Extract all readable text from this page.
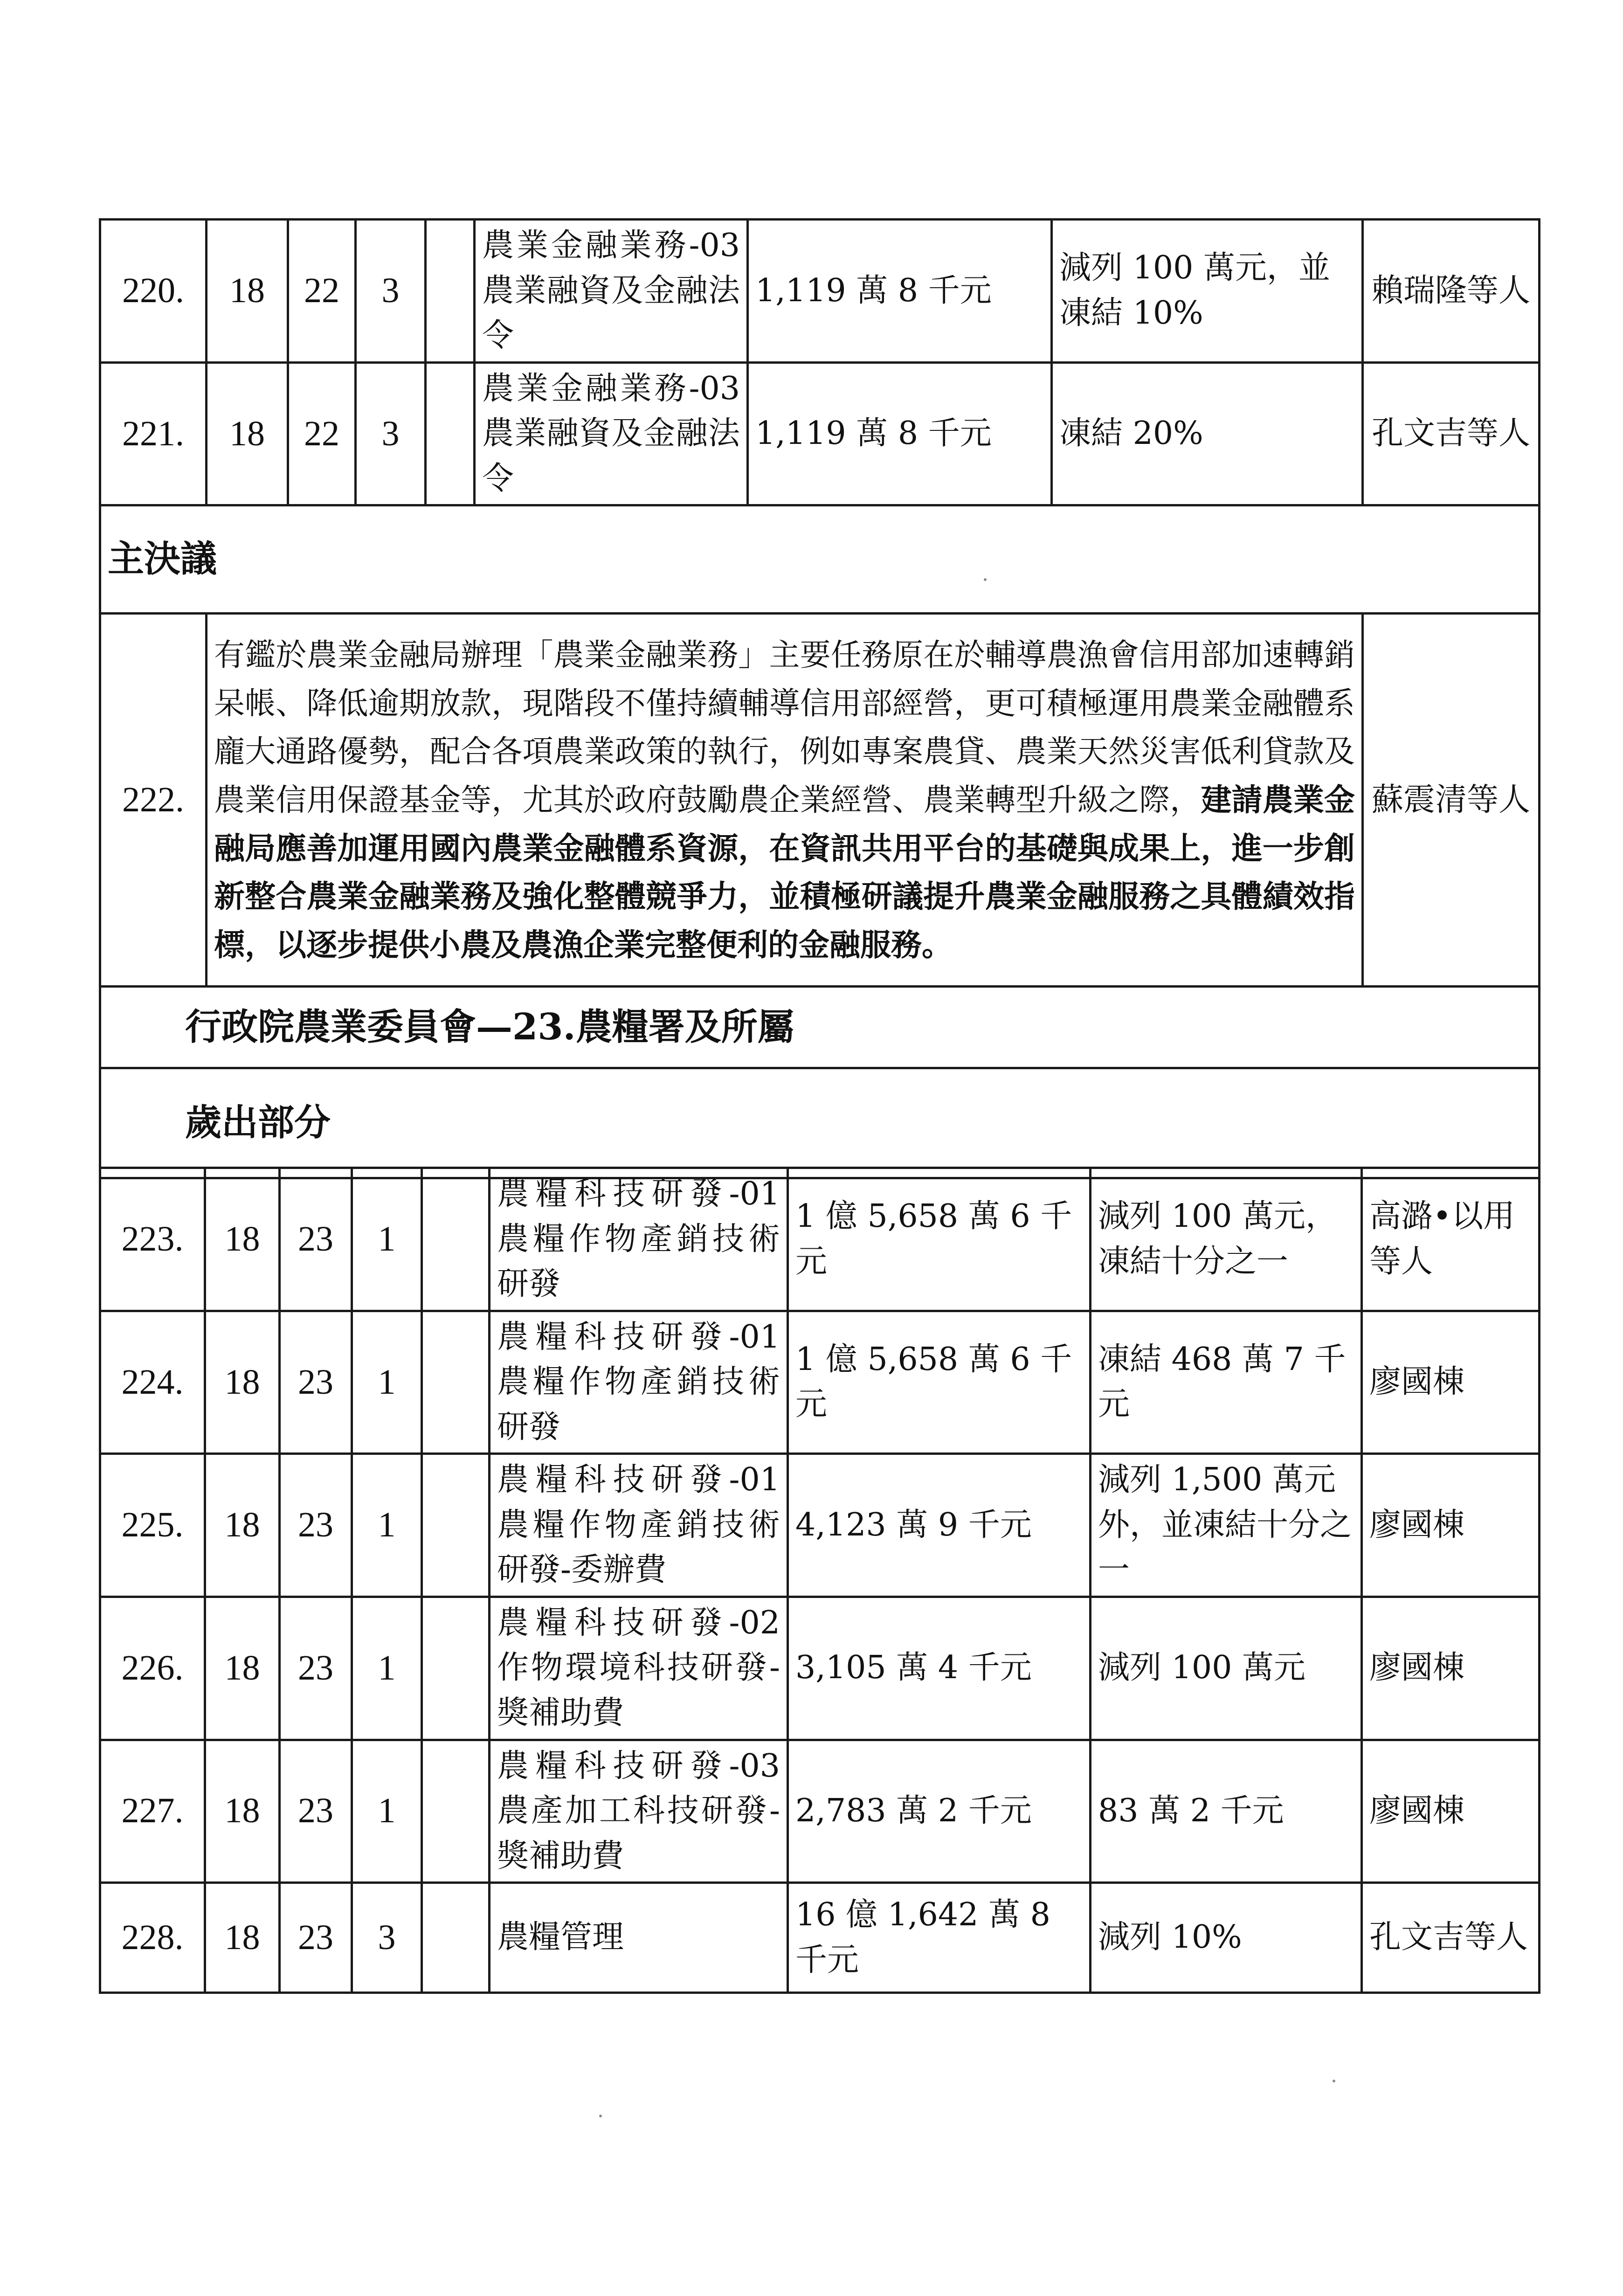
220.	18	22	3		農業金融業務-03 農業融資及金融法令	1,119 萬 8 千元	減列 100 萬元，並凍結 10%	賴瑞隆等人
221.	18	22	3		農業金融業務-03 農業融資及金融法令	1,119 萬 8 千元	凍結 20%	孔文吉等人
主決議								
222.	有鑑於農業金融局辦理「農業金融業務」主要任務原在於輔導農漁會信用部加速轉銷呆帳、降低逾期放款，現階段不僅持續輔導信用部經營，更可積極運用農業金融體系龐大通路優勢，配合各項農業政策的執行，例如專案農貸、農業天然災害低利貸款及農業信用保證基金等，尤其於政府鼓勵農企業經營、農業轉型升級之際，建請農業金融局應善加運用國內農業金融體系資源，在資訊共用平台的基礎與成果上，進一步創新整合農業金融業務及強化整體競爭力，並積極研議提升農業金融服務之具體績效指標，以逐步提供小農及農漁企業完整便利的金融服務。							蘇震清等人
行政院農業委員會—23.農糧署及所屬								
歲出部分								
223.	18	23	1		農糧科技研發-01 農糧作物產銷技術研發	1 億 5,658 萬 6 千元	減列 100 萬元，凍結十分之一	高潞•以用等人
224.	18	23	1		農糧科技研發-01 農糧作物產銷技術研發	1 億 5,658 萬 6 千元	凍結 468 萬 7 千元	廖國棟
225.	18	23	1		農糧科技研發-01 農糧作物產銷技術研發-委辦費	4,123 萬 9 千元	減列 1,500 萬元外，並凍結十分之一	廖國棟
226.	18	23	1		農糧科技研發-02 作物環境科技研發-獎補助費	3,105 萬 4 千元	減列 100 萬元	廖國棟
227.	18	23	1		農糧科技研發-03 農產加工科技研發-獎補助費	2,783 萬 2 千元	83 萬 2 千元	廖國棟
228.	18	23	3		農糧管理	16 億 1,642 萬 8 千元	減列 10%	孔文吉等人
